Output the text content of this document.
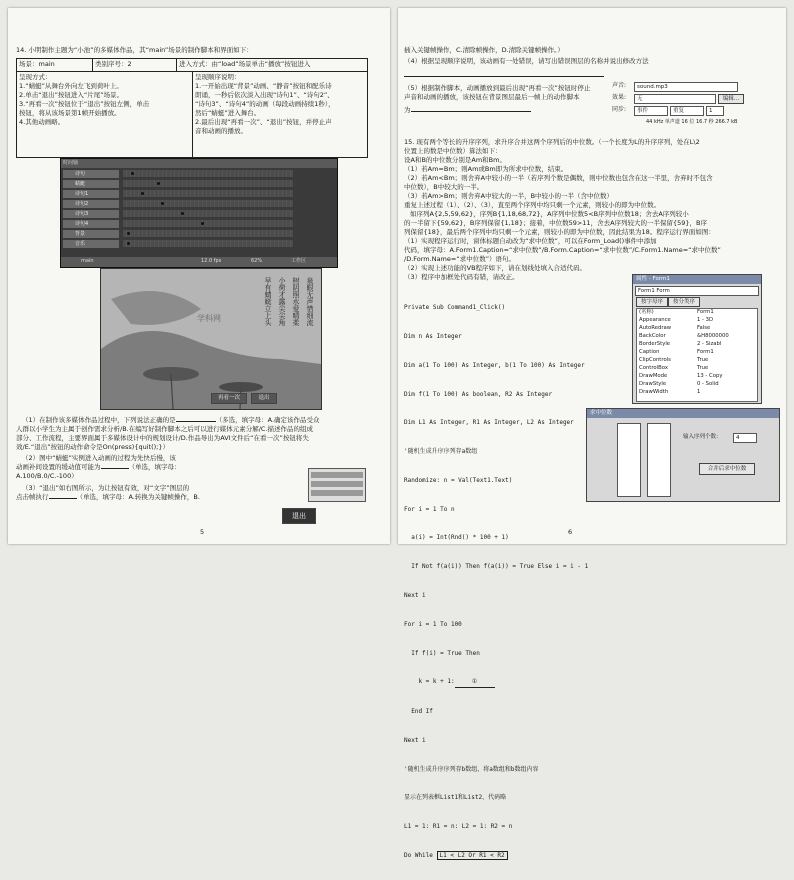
14. 小明制作主题为“小池”的多媒体作品，其“main”场景的制作脚本和界面如下：
场景：main	类别序号：2	进入方式：由“load”场景单击“播放”按钮进入
呈现方式：
1.“蜻蜓”从舞台外向左飞到荷叶上。
2.单击“退出”按钮进入“片尾”场景。
3.“再看一次”按钮位于“退出”按钮左侧，单击
按钮，将从该场景第1帧开始播放。
4.其他动画略。
呈现顺序说明：
1.一开始出现“背景”动画、“静音”按钮和配乐诗
朗诵，一秒后依次淡入出现“诗句1”、“诗句2”、
“诗句3”、“诗句4”的动画（每段动画持续1秒），
然后“蜻蜓”进入舞台。
2.最后出现“再看一次”、“退出”按钮，并停止声
音和动画的播放。
时间轴
诗句
蜻蜓
诗句1
诗句2
诗句3
诗句4
背景
音乐
12.0 fps
main	62%	工作区
早有蜻蜓立上头 小荷才露尖尖角 树阴照水爱晴柔 泉眼无声惜细流
学科网
再看一次	退出
（1）在制作该多媒体作品过程中，下列说法正确的是	（多选，填字母：A.确定该作品受众
人群以小学生为主属于创作需求分析/B.在编写好制作脚本之后可以进行媒体元素分解/C.描述作品的组成
部分、工作流程，主要界面属于多媒体设计中的规划设计/D.作品导出为AVI文件后“在看一次”按钮将失
效/E.“退出”按钮的动作命令是On(press){quit();}）
（2）图中“蜻蜓”实例进入动画的过程为先快后慢，该
动画补间设置的缓动值可能为	（单选，填字母：
A.100/B.0/C.-100）
（3）“退出”如右图所示，为让按钮有效，对“文字”图层的
点击帧执行	（单选，填字母：A.转换为关键帧操作，B.
退出
5
插入关键帧操作，C.清除帧操作，D.清除关键帧操作。）
（4）根据呈现顺序说明，该动画有一处错误，请写出错误图层的名称并说出修改方法
（5）根据制作脚本，动画播放到最后出现“再看一次”按钮时停止
声音和动画的播放，该按钮在背景图层最后一帧上的动作脚本
为
声音:	sound.mp3
效果:	无	编辑...
同步:	事件	重复	1
44 kHz 单声道 16 位 16.7 秒 266.7 kB
15. 现有两个等长的升序序列，求升序合并这两个序列后的中位数。（一个长度为L的升序序列，处在L\2
位置上的数是中位数）算法如下：
设A和B的中位数分别是Am和Bm。
（1）若Am=Bm；则Am或Bm即为所求中位数，结束。
（2）若Am<Bm；则舍弃A中较小的一半（若序列个数是偶数，则中位数也包含在这一半里，舍弃时不包含
中位数），B中较大的一半。
（3）若Am>Bm；则舍弃A中较大的一半，B中较小的一半（含中位数）
重复上述过程（1）、（2）、（3），直至两个序列中均只剩一个元素，则较小的即为中位数。
如序列A{2,5,59,62}，序列B{1,18,68,72}，A序列中位数5<B序列中位数18；舍去A序列较小
的一半留下{59,62}，B序列保留{1,18}；接着，中位数59>11，舍去A序列较大的一半保留{59}，B序
列保留{18}，最后两个序列中均只剩一个元素，则较小的即为中位数，因此结果为18。程序运行界面如图：
（1）实现程序运行时，窗体标题自动改为“求中位数”，可以在Form_Load()事件中添加
代码，填字母：A.Form1.Caption=“求中位数”/B.Form.Caption=“求中位数”/C.Form1.Name=“求中位数”
/D.Form.Name=“求中位数”）语句。
（2）实现上述功能的VB程序如下，请在划线处填入合适代码。
（3）程序中加框处代码有错，请改正。

Private Sub Command1_Click()

Dim n As Integer

Dim a(1 To 100) As Integer, b(1 To 100) As Integer

Dim f(1 To 100) As boolean, R2 As Integer

Dim L1 As Integer, R1 As Integer, L2 As Integer

'随机生成升序序列存a数组

Randomize: n = Val(Text1.Text)

For i = 1 To n

a(i) = Int(Rnd() * 100 + 1)

If Not f(a(i)) Then f(a(i)) = True Else i = i - 1

Next i

For i = 1 To 100

If f(i) = True Then

k = k + 1:	①

End If

Next i

'随机生成升序序列存b数组，将a数组和b数组内容

显示在列表框List1和List2，代码略

L1 = 1: R1 = n: L2 = 1: R2 = n

Do While L1 < L2 Or R1 < R2

属性 - Form1
Form1 Form
按字母序	按分类序
(名称)	Form1
Appearance	1 - 3D
AutoRedraw	False
BackColor	&H8000000
BorderStyle	2 - Sizabl
Caption	Form1
ClipControls	True
ControlBox	True
DrawMode	13 - Copy
DrawStyle	0 - Solid
DrawWidth	1
求中位数
输入序列个数：	4
合并后求中位数
6
